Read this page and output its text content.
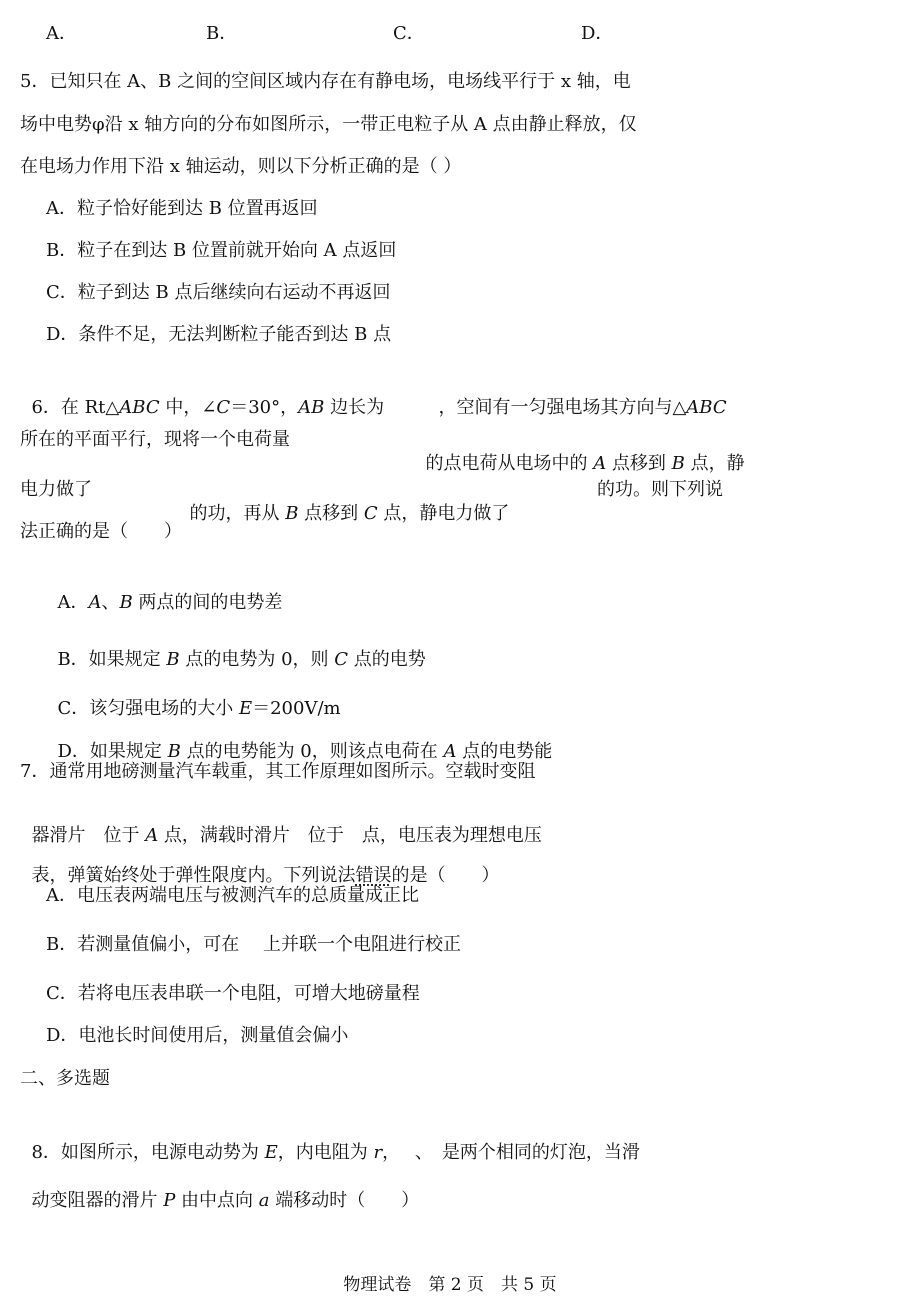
A．	B．	C．	D．
5．已知只在 A、B 之间的空间区域内存在有静电场，电场线平行于 x 轴，电
场中电势φ沿 x 轴方向的分布如图所示，一带正电粒子从 A 点由静止释放，仅
在电场力作用下沿 x 轴运动，则以下分析正确的是（ ）
A．粒子恰好能到达 B 位置再返回
B．粒子在到达 B 位置前就开始向 A 点返回
C．粒子到达 B 点后继续向右运动不再返回
D．条件不足，无法判断粒子能否到达 B 点

6．在 Rt△ABC 中，∠C＝30°，AB 边长为	，空间有一匀强电场其方向与△ABC

所在的平面平行，现将一个电荷量

的点电荷从电场中的 A 点移到 B 点，静

电力做了

的功，再从 B 点移到 C 点，静电力做了

的功。则下列说
法正确的是（　　）

A．A、B 两点的间的电势差

B．如果规定 B 点的电势为 0，则 C 点的电势

C．该匀强电场的大小 E＝200V/m

D．如果规定 B 点的电势能为 0，则该点电荷在 A 点的电势能

7．通常用地磅测量汽车载重，其工作原理如图所示。空载时变阻

器滑片　位于 A 点，满载时滑片　位于　点，电压表为理想电压

表，弹簧始终处于弹性限度内。下列说法错误的是（　　）

A．电压表两端电压与被测汽车的总质量成正比
B．若测量值偏小，可在　 上并联一个电阻进行校正
C．若将电压表串联一个电阻，可增大地磅量程
D．电池长时间使用后，测量值会偏小
二、多选题

8．如图所示，电源电动势为 E，内电阻为 r，　 、　是两个相同的灯泡，当滑

动变阻器的滑片 P 由中点向 a 端移动时（　　）

物理试卷　第 2 页　共 5 页
